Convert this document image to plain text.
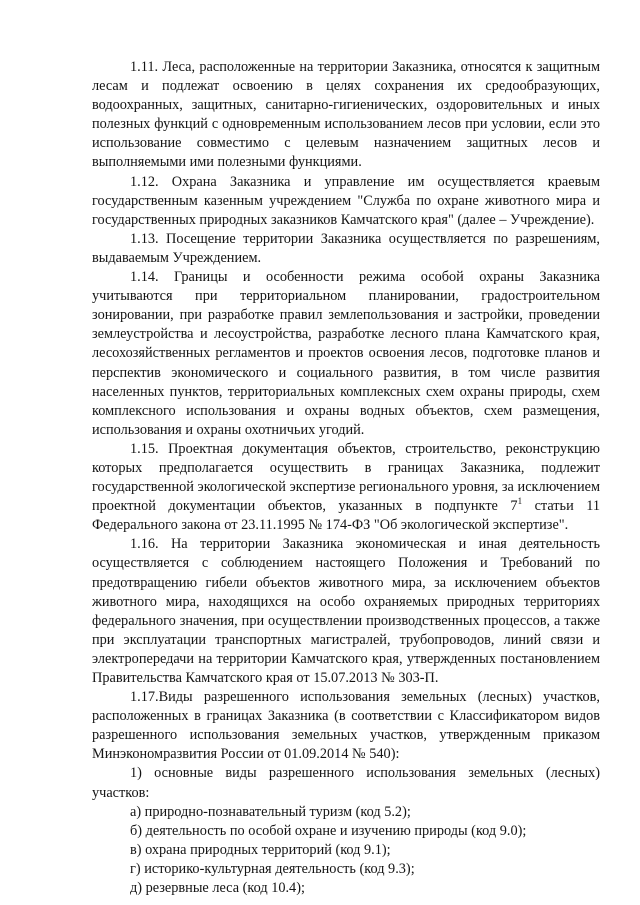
1.11. Леса, расположенные на территории Заказника, относятся к защитным лесам и подлежат освоению в целях сохранения их средообразующих, водоохранных, защитных, санитарно-гигиенических, оздоровительных и иных полезных функций с одновременным использованием лесов при условии, если это использование совместимо с целевым назначением защитных лесов и выполняемыми ими полезными функциями.

1.12. Охрана Заказника и управление им осуществляется краевым государственным казенным учреждением "Служба по охране животного мира и государственных природных заказников Камчатского края" (далее – Учреждение).

1.13. Посещение территории Заказника осуществляется по разрешениям, выдаваемым Учреждением.

1.14. Границы и особенности режима особой охраны Заказника учитываются при территориальном планировании, градостроительном зонировании, при разработке правил землепользования и застройки, проведении землеустройства и лесоустройства, разработке лесного плана Камчатского края, лесохозяйственных регламентов и проектов освоения лесов, подготовке планов и перспектив экономического и социального развития, в том числе развития населенных пунктов, территориальных комплексных схем охраны природы, схем комплексного использования и охраны водных объектов, схем размещения, использования и охраны охотничьих угодий.

1.15. Проектная документация объектов, строительство, реконструкцию которых предполагается осуществить в границах Заказника, подлежит государственной экологической экспертизе регионального уровня, за исключением проектной документации объектов, указанных в подпункте $7^1$ статьи 11 Федерального закона от 23.11.1995 № 174-ФЗ "Об экологической экспертизе".

1.16. На территории Заказника экономическая и иная деятельность осуществляется с соблюдением настоящего Положения и Требований по предотвращению гибели объектов животного мира, за исключением объектов животного мира, находящихся на особо охраняемых природных территориях федерального значения, при осуществлении производственных процессов, а также при эксплуатации транспортных магистралей, трубопроводов, линий связи и электропередачи на территории Камчатского края, утвержденных постановлением Правительства Камчатского края от 15.07.2013 № 303-П.

1.17.Виды разрешенного использования земельных (лесных) участков, расположенных в границах Заказника (в соответствии с Классификатором видов разрешенного использования земельных участков, утвержденным приказом Минэкономразвития России от 01.09.2014 № 540):

1) основные виды разрешенного использования земельных (лесных) участков:

а) природно-познавательный туризм (код 5.2);

б) деятельность по особой охране и изучению природы (код 9.0);

в) охрана природных территорий (код 9.1);

г) историко-культурная деятельность (код 9.3);

д) резервные леса (код 10.4);
